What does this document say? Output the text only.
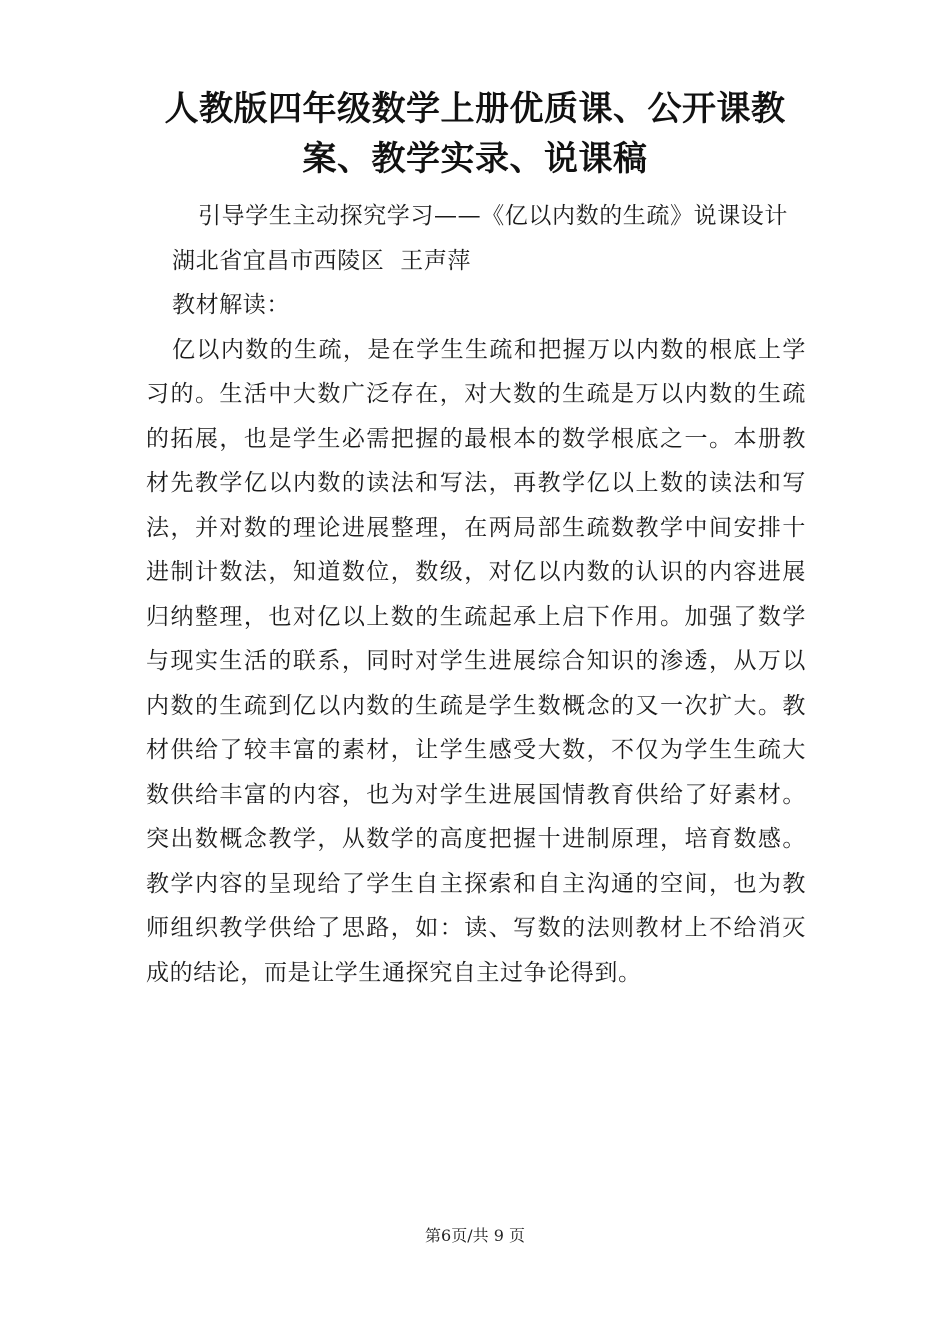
人教版四年级数学上册优质课、公开课教案、教学实录、说课稿

引导学生主动探究学习——《亿以内数的生疏》说课设计

湖北省宜昌市西陵区  王声萍

教材解读：

亿以内数的生疏，是在学生生疏和把握万以内数的根底上学习的。生活中大数广泛存在，对大数的生疏是万以内数的生疏的拓展，也是学生必需把握的最根本的数学根底之一。本册教材先教学亿以内数的读法和写法，再教学亿以上数的读法和写法，并对数的理论进展整理，在两局部生疏数教学中间安排十进制计数法，知道数位，数级，对亿以内数的认识的内容进展归纳整理，也对亿以上数的生疏起承上启下作用。加强了数学与现实生活的联系，同时对学生进展综合知识的渗透，从万以内数的生疏到亿以内数的生疏是学生数概念的又一次扩大。教材供给了较丰富的素材，让学生感受大数，不仅为学生生疏大数供给丰富的内容，也为对学生进展国情教育供给了好素材。突出数概念教学，从数学的高度把握十进制原理，培育数感。教学内容的呈现给了学生自主探索和自主沟通的空间，也为教师组织教学供给了思路，如：读、写数的法则教材上不给消灭成的结论，而是让学生通探究自主过争论得到。

第6页/共 9 页
